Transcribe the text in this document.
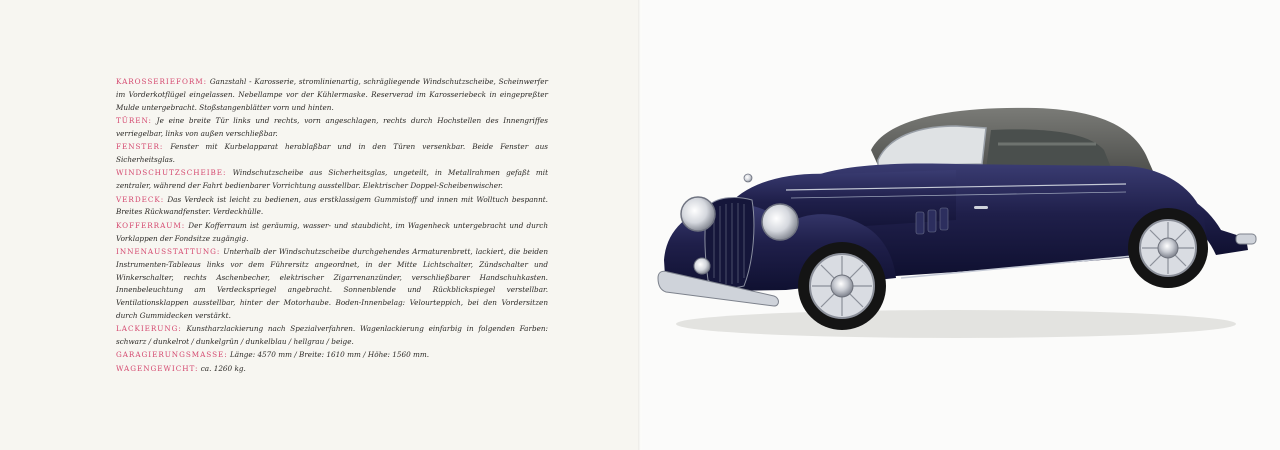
KAROSSERIEFORM: Ganzstahl - Karosserie, stromlinienartig, schrägliegende Windschutzscheibe, Scheinwerfer im Vorderkotflügel eingelassen. Nebellampe vor der Kühlermaske. Reserverad im Karosseriebeck in eingepreßter Mulde untergebracht. Stoßstangenblätter vorn und hinten.

TÜREN: Je eine breite Tür links und rechts, vorn angeschlagen, rechts durch Hochstellen des Innengriffes verriegelbar, links von außen verschließbar.

FENSTER: Fenster mit Kurbelapparat herablaßbar und in den Türen versenkbar. Beide Fenster aus Sicherheitsglas.

WINDSCHUTZSCHEIBE: Windschutzscheibe aus Sicherheitsglas, ungeteilt, in Metallrahmen gefaßt mit zentraler, während der Fahrt bedienbarer Vorrichtung ausstellbar. Elektrischer Doppel-Scheibenwischer.

VERDECK: Das Verdeck ist leicht zu bedienen, aus erstklassigem Gummistoff und innen mit Wolltuch bespannt. Breites Rückwandfenster. Verdeckhülle.

KOFFERRAUM: Der Kofferraum ist geräumig, wasser- und staubdicht, im Wagenheck untergebracht und durch Vorklappen der Fondsitze zugängig.

INNENAUSSTATTUNG: Unterhalb der Windschutzscheibe durchgehendes Armaturenbrett, lackiert, die beiden Instrumenten-Tableaus links vor dem Führersitz angeordnet, in der Mitte Lichtschalter, Zündschalter und Winkerschalter, rechts Aschenbecher, elektrischer Zigarrenanzünder, verschließbarer Handschuhkasten. Innenbeleuchtung am Verdeckspriegel angebracht. Sonnenblende und Rückblickspiegel verstellbar. Ventilationsklappen ausstellbar, hinter der Motorhaube. Boden-Innenbelag: Velourteppich, bei den Vordersitzen durch Gummidecken verstärkt.

LACKIERUNG: Kunstharzlackierung nach Spezialverfahren. Wagenlackierung einfarbig in folgenden Farben: schwarz / dunkelrot / dunkelgrün / dunkelblau / hellgrau / beige.

GARAGIERUNGSMASSE: Länge: 4570 mm / Breite: 1610 mm / Höhe: 1560 mm.

WAGENGEWICHT: ca. 1260 kg.
